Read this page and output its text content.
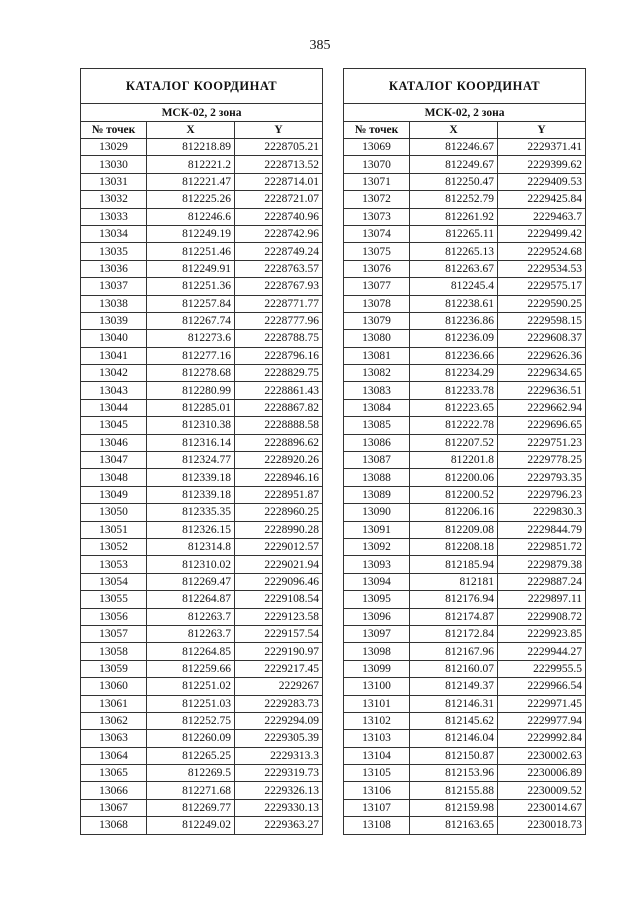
385
КАТАЛОГ КООРДИНАТ		
МСК-02, 2 зона		
№ точек	X	Y
13029	812218.89	2228705.21
13030	812221.2	2228713.52
13031	812221.47	2228714.01
13032	812225.26	2228721.07
13033	812246.6	2228740.96
13034	812249.19	2228742.96
13035	812251.46	2228749.24
13036	812249.91	2228763.57
13037	812251.36	2228767.93
13038	812257.84	2228771.77
13039	812267.74	2228777.96
13040	812273.6	2228788.75
13041	812277.16	2228796.16
13042	812278.68	2228829.75
13043	812280.99	2228861.43
13044	812285.01	2228867.82
13045	812310.38	2228888.58
13046	812316.14	2228896.62
13047	812324.77	2228920.26
13048	812339.18	2228946.16
13049	812339.18	2228951.87
13050	812335.35	2228960.25
13051	812326.15	2228990.28
13052	812314.8	2229012.57
13053	812310.02	2229021.94
13054	812269.47	2229096.46
13055	812264.87	2229108.54
13056	812263.7	2229123.58
13057	812263.7	2229157.54
13058	812264.85	2229190.97
13059	812259.66	2229217.45
13060	812251.02	2229267
13061	812251.03	2229283.73
13062	812252.75	2229294.09
13063	812260.09	2229305.39
13064	812265.25	2229313.3
13065	812269.5	2229319.73
13066	812271.68	2229326.13
13067	812269.77	2229330.13
13068	812249.02	2229363.27
КАТАЛОГ КООРДИНАТ		
МСК-02, 2 зона		
№ точек	X	Y
13069	812246.67	2229371.41
13070	812249.67	2229399.62
13071	812250.47	2229409.53
13072	812252.79	2229425.84
13073	812261.92	2229463.7
13074	812265.11	2229499.42
13075	812265.13	2229524.68
13076	812263.67	2229534.53
13077	812245.4	2229575.17
13078	812238.61	2229590.25
13079	812236.86	2229598.15
13080	812236.09	2229608.37
13081	812236.66	2229626.36
13082	812234.29	2229634.65
13083	812233.78	2229636.51
13084	812223.65	2229662.94
13085	812222.78	2229696.65
13086	812207.52	2229751.23
13087	812201.8	2229778.25
13088	812200.06	2229793.35
13089	812200.52	2229796.23
13090	812206.16	2229830.3
13091	812209.08	2229844.79
13092	812208.18	2229851.72
13093	812185.94	2229879.38
13094	812181	2229887.24
13095	812176.94	2229897.11
13096	812174.87	2229908.72
13097	812172.84	2229923.85
13098	812167.96	2229944.27
13099	812160.07	2229955.5
13100	812149.37	2229966.54
13101	812146.31	2229971.45
13102	812145.62	2229977.94
13103	812146.04	2229992.84
13104	812150.87	2230002.63
13105	812153.96	2230006.89
13106	812155.88	2230009.52
13107	812159.98	2230014.67
13108	812163.65	2230018.73
